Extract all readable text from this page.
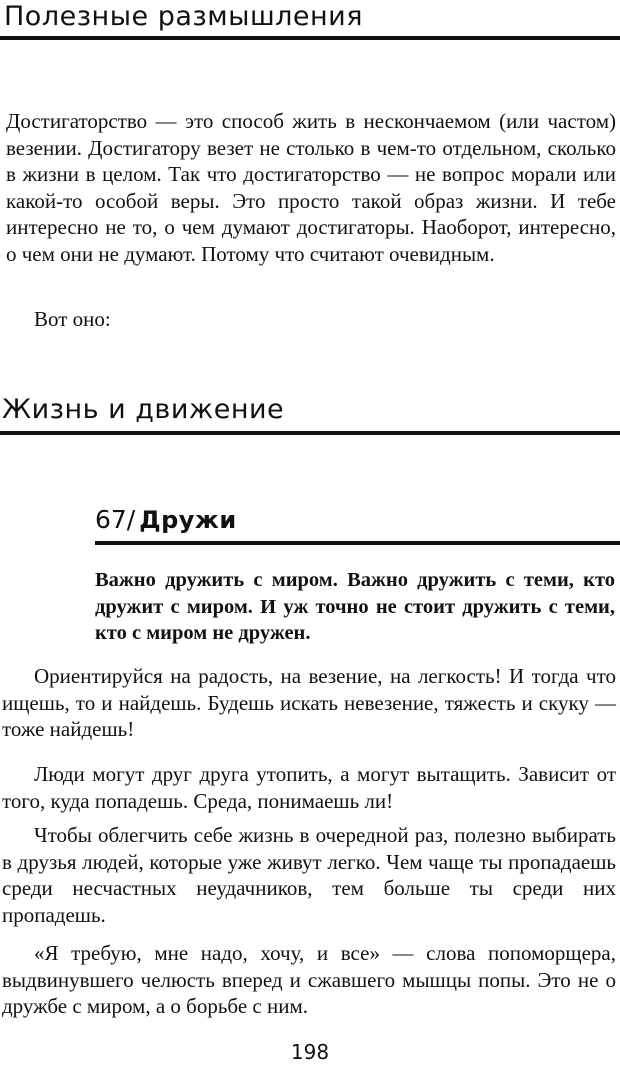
Полезные размышления

Достигаторство — это способ жить в нескончаемом (или частом) везении. Достигатору везет не столько в чем-то отдельном, сколько в жизни в целом. Так что достигаторство — не вопрос морали или какой-то особой веры. Это просто такой образ жизни. И тебе интересно не то, о чем думают достигаторы. Наоборот, интересно, о чем они не думают. Потому что считают очевидным.

Вот оно:

Жизнь и движение
67/ Дружи

Важно дружить с миром. Важно дружить с теми, кто дружит с миром. И уж точно не стоит дружить с теми, кто с миром не дружен.

Ориентируйся на радость, на везение, на легкость! И тогда что ищешь, то и найдешь. Будешь искать невезение, тяжесть и скуку — тоже найдешь!

Люди могут друг друга утопить, а могут вытащить. Зависит от того, куда попадешь. Среда, понимаешь ли!

Чтобы облегчить себе жизнь в очередной раз, полезно выбирать в друзья людей, которые уже живут легко. Чем чаще ты пропадаешь среди несчастных неудачников, тем больше ты среди них пропадешь.

«Я требую, мне надо, хочу, и все» — слова попоморщера, выдвинувшего челюсть вперед и сжавшего мышцы попы. Это не о дружбе с миром, а о борьбе с ним.

198
